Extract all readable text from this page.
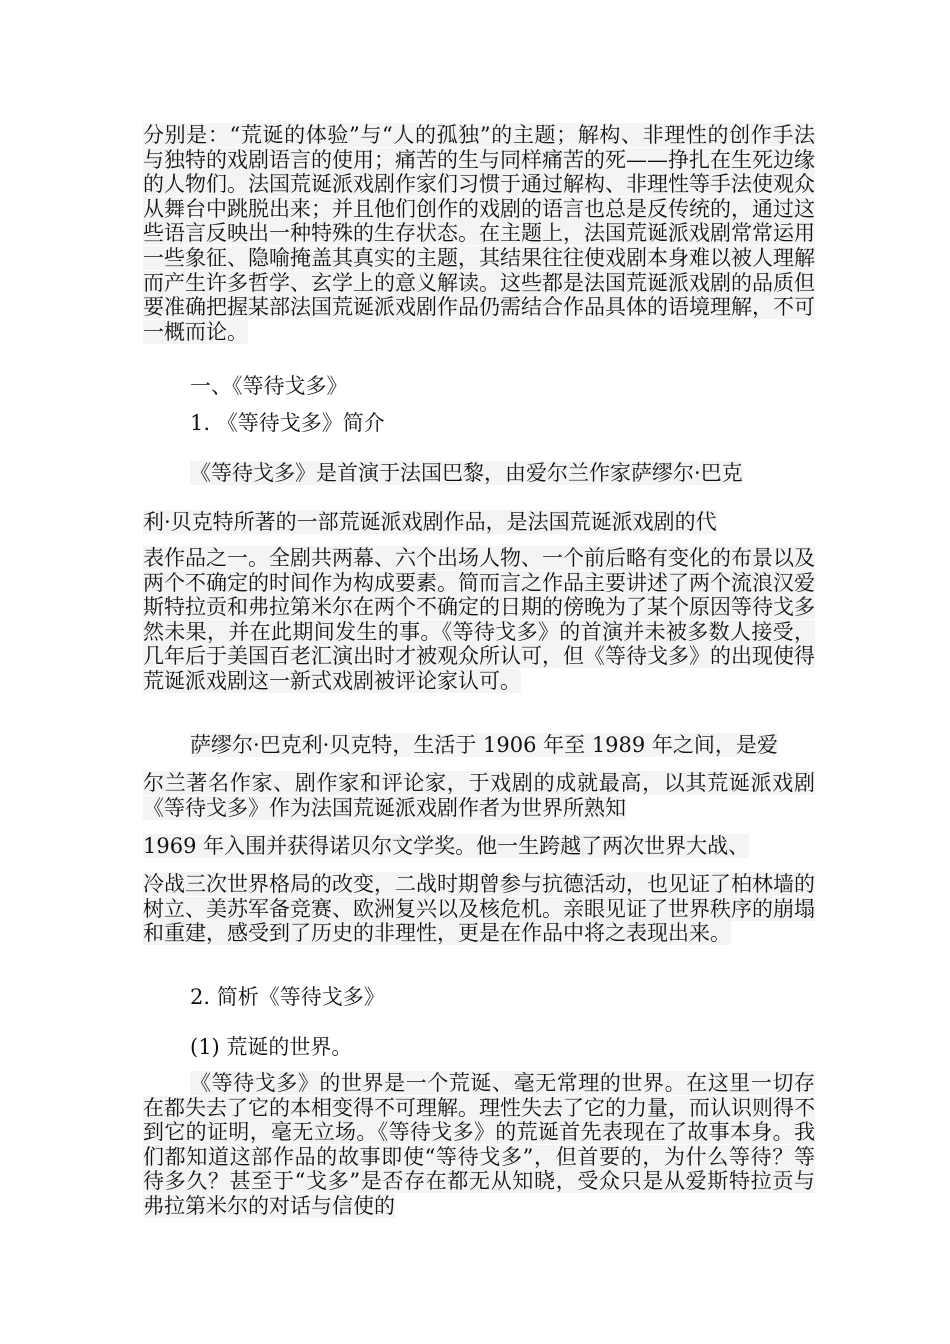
分别是：“荒诞的体验”与“人的孤独”的主题；解构、非理性的创作手法与独特的戏剧语言的使用；痛苦的生与同样痛苦的死——挣扎在生死边缘的人物们。法国荒诞派戏剧作家们习惯于通过解构、非理性等手法使观众从舞台中跳脱出来；并且他们创作的戏剧的语言也总是反传统的，通过这些语言反映出一种特殊的生存状态。在主题上，法国荒诞派戏剧常常运用一些象征、隐喻掩盖其真实的主题，其结果往往使戏剧本身难以被人理解而产生许多哲学、玄学上的意义解读。这些都是法国荒诞派戏剧的品质但要准确把握某部法国荒诞派戏剧作品仍需结合作品具体的语境理解，不可一概而论。
一、《等待戈多》
1. 《等待戈多》简介
《等待戈多》是首演于法国巴黎，由爱尔兰作家萨缪尔·巴克
利·贝克特所著的一部荒诞派戏剧作品，是法国荒诞派戏剧的代
表作品之一。全剧共两幕、六个出场人物、一个前后略有变化的布景以及两个不确定的时间作为构成要素。简而言之作品主要讲述了两个流浪汉爱斯特拉贡和弗拉第米尔在两个不确定的日期的傍晚为了某个原因等待戈多然未果，并在此期间发生的事。《等待戈多》的首演并未被多数人接受，几年后于美国百老汇演出时才被观众所认可，但《等待戈多》的出现使得荒诞派戏剧这一新式戏剧被评论家认可。
萨缪尔·巴克利·贝克特，生活于 1906 年至 1989 年之间，是爱
尔兰著名作家、剧作家和评论家，于戏剧的成就最高，以其荒诞派戏剧《等待戈多》作为法国荒诞派戏剧作者为世界所熟知
1969 年入围并获得诺贝尔文学奖。他一生跨越了两次世界大战、
冷战三次世界格局的改变，二战时期曾参与抗德活动，也见证了柏林墙的树立、美苏军备竞赛、欧洲复兴以及核危机。亲眼见证了世界秩序的崩塌和重建，感受到了历史的非理性，更是在作品中将之表现出来。
2. 简析《等待戈多》
(1) 荒诞的世界。
《等待戈多》的世界是一个荒诞、毫无常理的世界。在这里一切存在都失去了它的本相变得不可理解。理性失去了它的力量，而认识则得不到它的证明，毫无立场。《等待戈多》的荒诞首先表现在了故事本身。我们都知道这部作品的故事即使“等待戈多”，但首要的，为什么等待？等待多久？甚至于“戈多”是否存在都无从知晓，受众只是从爱斯特拉贡与弗拉第米尔的对话与信使的
